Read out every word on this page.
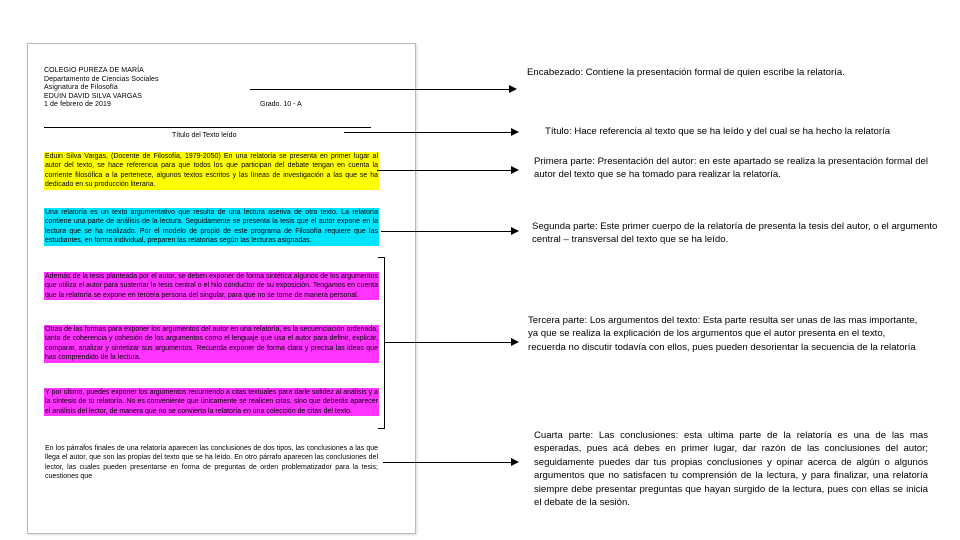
COLEGIO PUREZA DE MARÍA
Departamento de Ciencias Sociales
Asignatura de Filosofía
EDUIN DAVID SILVA VARGAS
1 de febrero de 2019	Grado. 10 - A
Título del Texto leído
Eduin Silva Vargas, (Docente de Filosofía, 1979-2050) En una relatoría se presenta en primer lugar al autor del texto, se hace referencia para que todos los que participan del debate tengan en cuenta la corriente filosófica a la pertenece, algunos textos escritos y las líneas de investigación a las que se ha dedicado en su producción literaria.
Una relatoría es un texto argumentativo que resulta de una lectura aseriva de otro texto. La relatoría contiene una parte de análisis de la lectura. Seguidamente se presenta la tesis que el autor expone en la lectura que se ha realizado. Por el modelo de propio de este programa de Filosofía requiere que las estudiantes, en forma individual, preparen las relatorías según las lecturas asignadas.
Además de la tesis planteada por el autor, se deben exponer de forma sintética algunos de los argumentos que utiliza el autor para sustentar la tesis central o el hilo conductor de su exposición. Tengamos en cuenta que la relatoría se expone en tercera persona del singular, para que no se torne de manera personal.
Otras de las formas para exponer los argumentos del autor en una relatoría, es la secuenciación ordenada, tanto de coherencia y cohesión de los argumentos como el lenguaje que usa el autor para definir, explicar, comparar, analizar y sintetizar sus argumentos. Recuerda exponer de forma clara y precisa las ideas que has comprendido de la lectura.
Y por último, puedes exponer los argumentos recurriendo a citas textuales para darle solidez al análisis y a la síntesis de tu relatoría. No es conveniente que únicamente se realicen citas, sino que deberás aparecer el análisis del lector, de manera que no se convierta la relatoría en una colección de citas del texto.
En los párrafos finales de una relatoría aparecen las conclusiones de dos tipos, las conclusiones a las que llega el autor, que son las propias del texto que se ha leído. En otro párrafo aparecen las conclusiones del lector, las cuales pueden presentarse en forma de preguntas de orden problematizador para la tesis; cuestiones que
Encabezado: Contiene la presentación formal de quien escribe la relatoría.
Título: Hace referencia al texto que se ha leído y del cual se ha hecho la relatoría
Primera parte: Presentación del autor: en este apartado se realiza la presentación formal del autor del texto que se ha tomado para realizar la relatoría.
Segunda parte: Este primer cuerpo de la relatoría de presenta la tesis del autor, o el argumento central – transversal del texto que se ha leído.
Tercera parte: Los argumentos del texto: Esta parte resulta ser unas de las mas importante, ya que se realiza la explicación de los argumentos que el autor presenta en el texto, recuerda no discutir todavía con ellos, pues pueden desorientar la secuencia de la relatoría
Cuarta parte: Las conclusiones: esta ultima parte de la relatoría es una de las mas esperadas, pues acá debes en primer lugar, dar razón de las conclusiones del autor; seguidamente puedes dar tus propias conclusiones y opinar acerca de algún o algunos argumentos que no satisfacen tu comprensión de la lectura, y para finalizar, una relatoría siempre debe presentar preguntas que hayan surgido de la lectura, pues con ellas se inicia el debate de la sesión.
